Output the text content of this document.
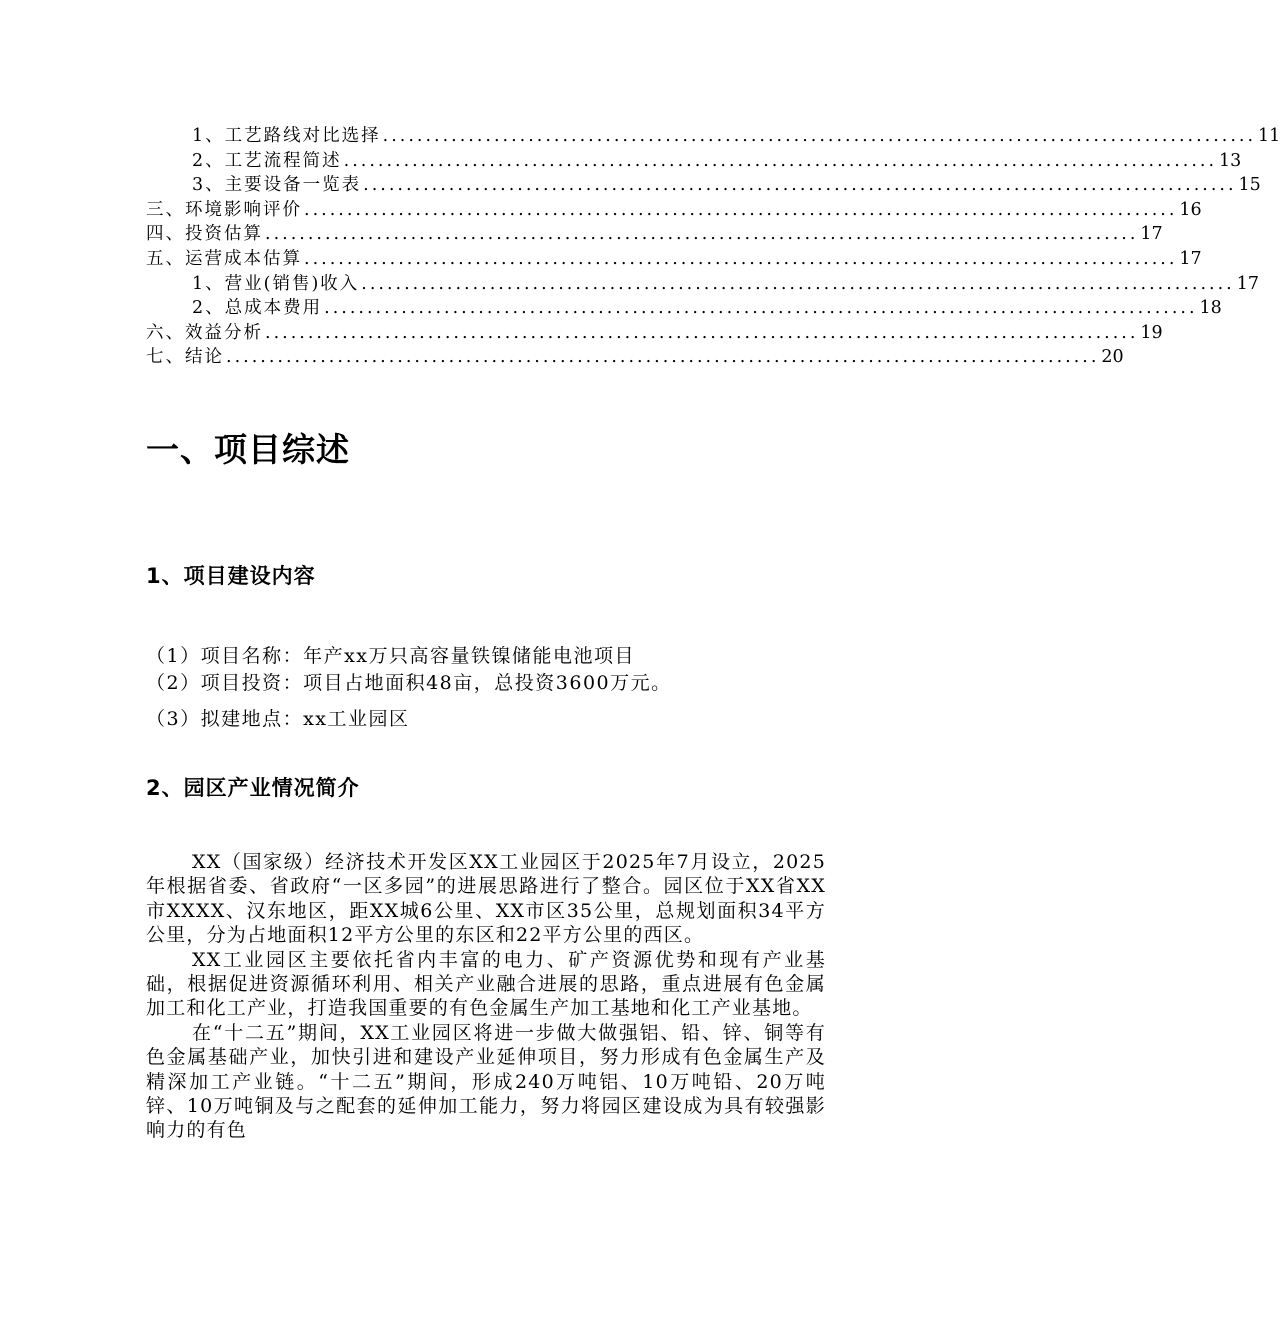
1、工艺路线对比选择 ...................................................................................................... 11
2、工艺流程简述 ...................................................................................................... 13
3、主要设备一览表 ...................................................................................................... 15
三、环境影响评价 ...................................................................................................... 16
四、投资估算 ...................................................................................................... 17
五、运营成本估算 ...................................................................................................... 17
1、营业(销售)收入 ...................................................................................................... 17
2、总成本费用 ...................................................................................................... 18
六、效益分析 ...................................................................................................... 19
七、结论 ...................................................................................................... 20
一、项目综述
1、项目建设内容
（1）项目名称：年产xx万只高容量铁镍储能电池项目
（2）项目投资：项目占地面积48亩，总投资3600万元。
（3）拟建地点：xx工业园区
2、园区产业情况简介

XX（国家级）经济技术开发区XX工业园区于2025年7月设立，2025年根据省委、省政府“一区多园”的进展思路进行了整合。园区位于XX省XX市XXXX、汉东地区，距XX城6公里、XX市区35公里，总规划面积34平方公里，分为占地面积12平方公里的东区和22平方公里的西区。

XX工业园区主要依托省内丰富的电力、矿产资源优势和现有产业基础，根据促进资源循环利用、相关产业融合进展的思路，重点进展有色金属加工和化工产业，打造我国重要的有色金属生产加工基地和化工产业基地。

在“十二五”期间，XX工业园区将进一步做大做强铝、铅、锌、铜等有色金属基础产业，加快引进和建设产业延伸项目，努力形成有色金属生产及精深加工产业链。“十二五”期间，形成240万吨铝、10万吨铅、20万吨锌、10万吨铜及与之配套的延伸加工能力，努力将园区建设成为具有较强影响力的有色
